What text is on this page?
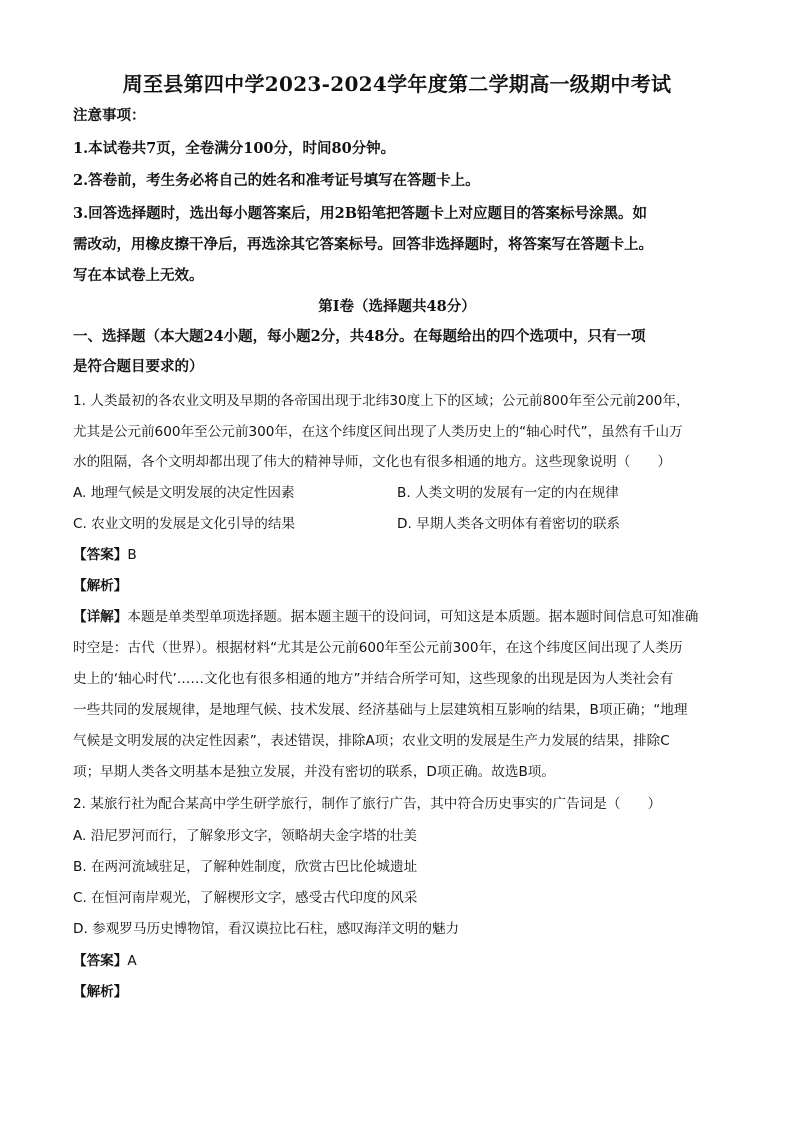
周至县第四中学2023-2024学年度第二学期高一级期中考试
注意事项：
1.本试卷共7页，全卷满分100分，时间80分钟。
2.答卷前，考生务必将自己的姓名和准考证号填写在答题卡上。
3.回答选择题时，选出每小题答案后，用2B铅笔把答题卡上对应题目的答案标号涂黑。如
需改动，用橡皮擦干净后，再选涂其它答案标号。回答非选择题时，将答案写在答题卡上。
写在本试卷上无效。
第Ⅰ卷（选择题共48分）
一、选择题（本大题24小题，每小题2分，共48分。在每题给出的四个选项中，只有一项
是符合题目要求的）
1. 人类最初的各农业文明及早期的各帝国出现于北纬30度上下的区域；公元前800年至公元前200年，
尤其是公元前600年至公元前300年，在这个纬度区间出现了人类历史上的“轴心时代”，虽然有千山万
水的阻隔，各个文明却都出现了伟大的精神导师，文化也有很多相通的地方。这些现象说明（　　）
A. 地理气候是文明发展的决定性因素	B. 人类文明的发展有一定的内在规律
C. 农业文明的发展是文化引导的结果	D. 早期人类各文明体有着密切的联系
【答案】B
【解析】
【详解】本题是单类型单项选择题。据本题主题干的设问词，可知这是本质题。据本题时间信息可知准确
时空是：古代（世界）。根据材料“尤其是公元前600年至公元前300年，在这个纬度区间出现了人类历
史上的‘轴心时代’……文化也有很多相通的地方”并结合所学可知，这些现象的出现是因为人类社会有
一些共同的发展规律，是地理气候、技术发展、经济基础与上层建筑相互影响的结果，B项正确；“地理
气候是文明发展的决定性因素”，表述错误，排除A项；农业文明的发展是生产力发展的结果，排除C
项；早期人类各文明基本是独立发展，并没有密切的联系，D项正确。故选B项。
2. 某旅行社为配合某高中学生研学旅行，制作了旅行广告，其中符合历史事实的广告词是（　　）
A. 沿尼罗河而行，了解象形文字，领略胡夫金字塔的壮美
B. 在两河流域驻足，了解种姓制度，欣赏古巴比伦城遗址
C. 在恒河南岸观光，了解楔形文字，感受古代印度的风采
D. 参观罗马历史博物馆，看汉谟拉比石柱，感叹海洋文明的魅力
【答案】A
【解析】
